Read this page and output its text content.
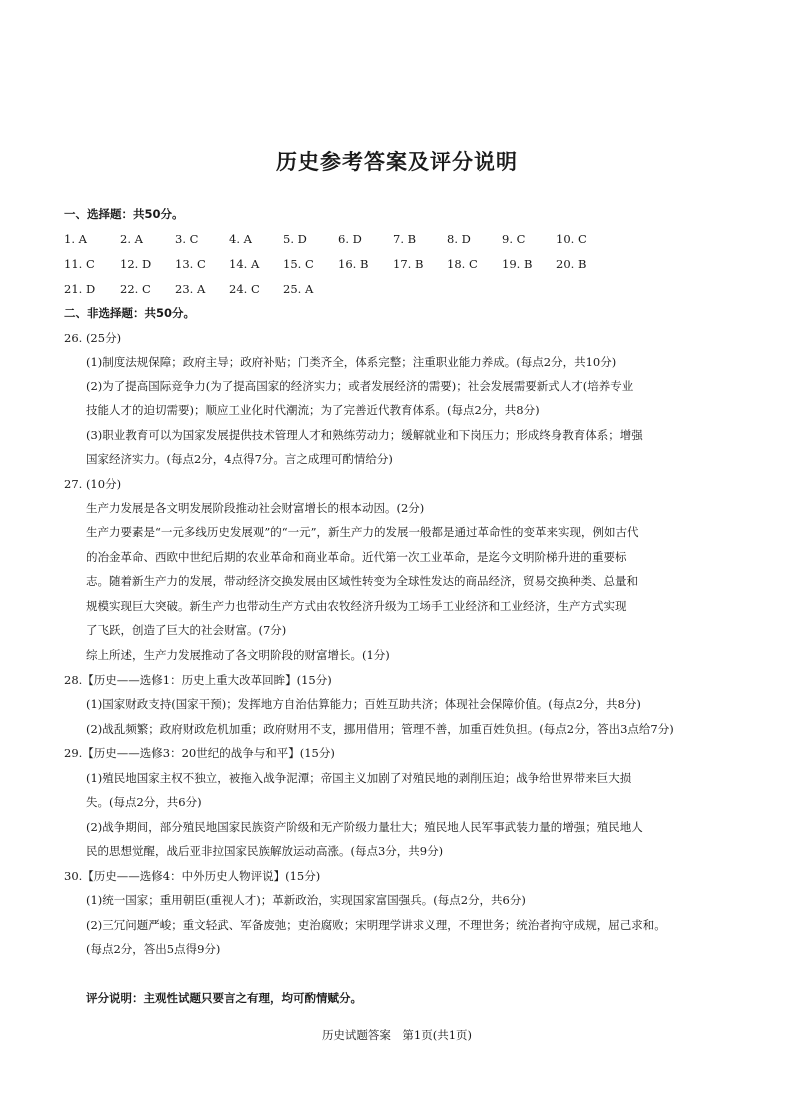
历史参考答案及评分说明
一、选择题：共50分。
1. A	2. A	3. C	4. A	5. D	6. D	7. B	8. D	9. C	10. C
11. C 12. D 13. C 14. A 15. C 16. B 17. B 18. C 19. B 20. B
21. D 22. C 23. A 24. C 25. A
二、非选择题：共50分。
26. (25分)
(1)制度法规保障；政府主导；政府补贴；门类齐全，体系完整；注重职业能力养成。(每点2分，共10分)
(2)为了提高国际竞争力(为了提高国家的经济实力；或者发展经济的需要)；社会发展需要新式人才(培养专业
技能人才的迫切需要)；顺应工业化时代潮流；为了完善近代教育体系。(每点2分，共8分)
(3)职业教育可以为国家发展提供技术管理人才和熟练劳动力；缓解就业和下岗压力；形成终身教育体系；增强
国家经济实力。(每点2分，4点得7分。言之成理可酌情给分)
27. (10分)
生产力发展是各文明发展阶段推动社会财富增长的根本动因。(2分)
生产力要素是“一元多线历史发展观”的“一元”，新生产力的发展一般都是通过革命性的变革来实现，例如古代
的冶金革命、西欧中世纪后期的农业革命和商业革命。近代第一次工业革命，是迄今文明阶梯升进的重要标
志。随着新生产力的发展，带动经济交换发展由区域性转变为全球性发达的商品经济，贸易交换种类、总量和
规模实现巨大突破。新生产力也带动生产方式由农牧经济升级为工场手工业经济和工业经济，生产方式实现
了飞跃，创造了巨大的社会财富。(7分)
综上所述，生产力发展推动了各文明阶段的财富增长。(1分)
28.【历史——选修1：历史上重大改革回眸】(15分)
(1)国家财政支持(国家干预)；发挥地方自治估算能力；百姓互助共济；体现社会保障价值。(每点2分，共8分)
(2)战乱频繁；政府财政危机加重；政府财用不支，挪用借用；管理不善，加重百姓负担。(每点2分，答出3点给7分)
29.【历史——选修3：20世纪的战争与和平】(15分)
(1)殖民地国家主权不独立，被拖入战争泥潭；帝国主义加剧了对殖民地的剥削压迫；战争给世界带来巨大损
失。(每点2分，共6分)
(2)战争期间，部分殖民地国家民族资产阶级和无产阶级力量壮大；殖民地人民军事武装力量的增强；殖民地人
民的思想觉醒，战后亚非拉国家民族解放运动高涨。(每点3分，共9分)
30.【历史——选修4：中外历史人物评说】(15分)
(1)统一国家；重用朝臣(重视人才)；革新政治，实现国家富国强兵。(每点2分，共6分)
(2)三冗问题严峻；重文轻武、军备废弛；吏治腐败；宋明理学讲求义理，不理世务；统治者拘守成规，屈己求和。
(每点2分，答出5点得9分)
评分说明：主观性试题只要言之有理，均可酌情赋分。
历史试题答案　第1页(共1页)
